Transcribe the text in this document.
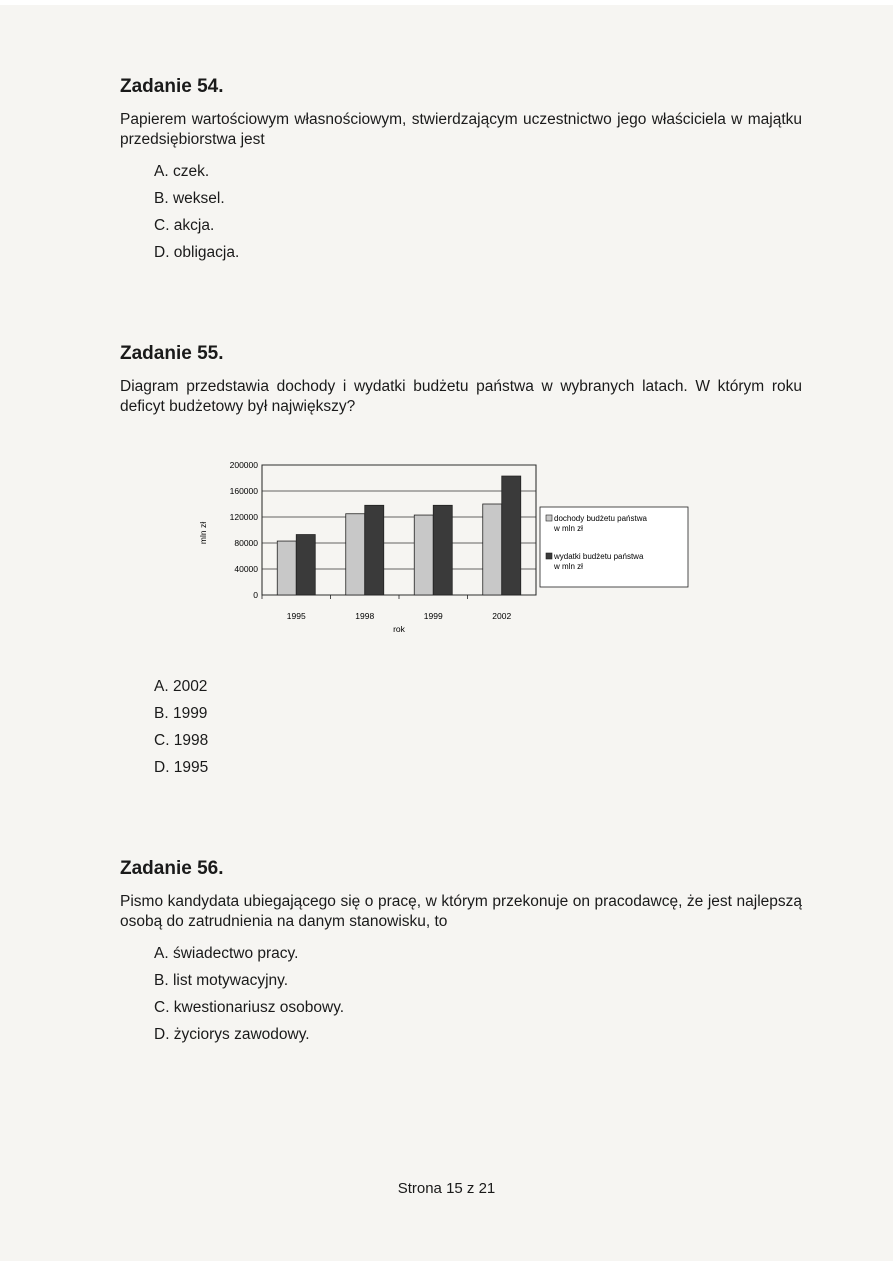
Zadanie 54.

Papierem wartościowym własnościowym, stwierdzającym uczestnictwo jego właściciela w majątku przedsiębiorstwa jest

A. czek.
B. weksel.
C. akcja.
D. obligacja.
Zadanie 55.

Diagram przedstawia dochody i wydatki budżetu państwa w wybranych latach. W którym roku deficyt budżetowy był największy?

200000
160000
120000
80000
40000
0
mln zł
1995	1998	1999	2002
rok
dochody budżetu państwa
w mln zł
wydatki budżetu państwa
w mln zł
A. 2002
B. 1999
C. 1998
D. 1995
Zadanie 56.

Pismo kandydata ubiegającego się o pracę, w którym przekonuje on pracodawcę, że jest najlepszą osobą do zatrudnienia na danym stanowisku, to

A. świadectwo pracy.
B. list motywacyjny.
C. kwestionariusz osobowy.
D. życiorys zawodowy.
Strona 15 z 21
